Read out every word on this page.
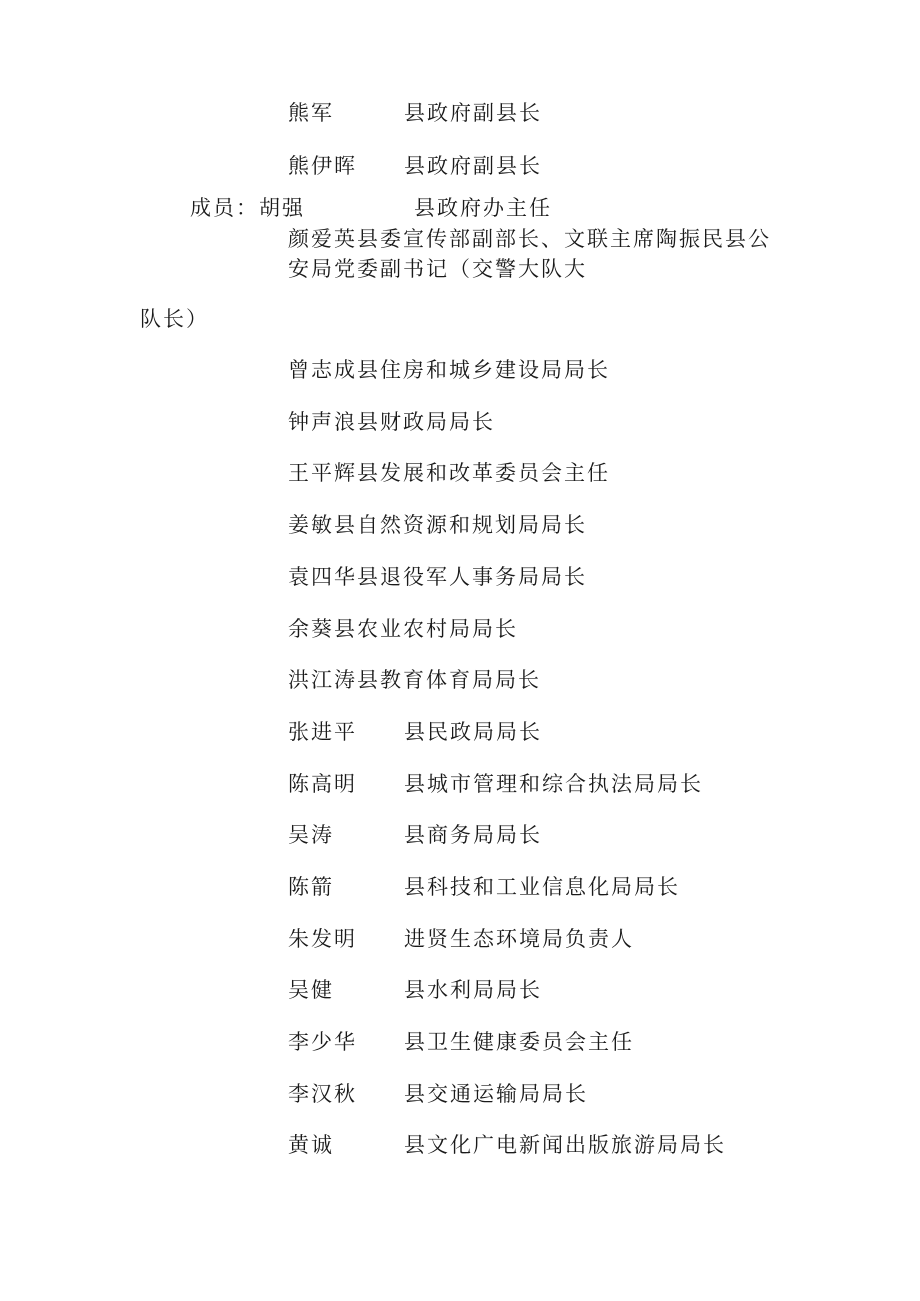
熊军	县政府副县长
熊伊晖 县政府副县长
成员：胡强	县政府办主任
颜爱英县委宣传部副部长、文联主席陶振民县公
安局党委副书记（交警大队大
队长）
曾志成县住房和城乡建设局局长
钟声浪县财政局局长
王平辉县发展和改革委员会主任
姜敏县自然资源和规划局局长
袁四华县退役军人事务局局长
余葵县农业农村局局长
洪江涛县教育体育局局长
张进平 县民政局局长
陈高明 县城市管理和综合执法局局长
吴涛	县商务局局长
陈箭	县科技和工业信息化局局长
朱发明 进贤生态环境局负责人
吴健	县水利局局长
李少华 县卫生健康委员会主任
李汉秋 县交通运输局局长
黄诚	县文化广电新闻出版旅游局局长
